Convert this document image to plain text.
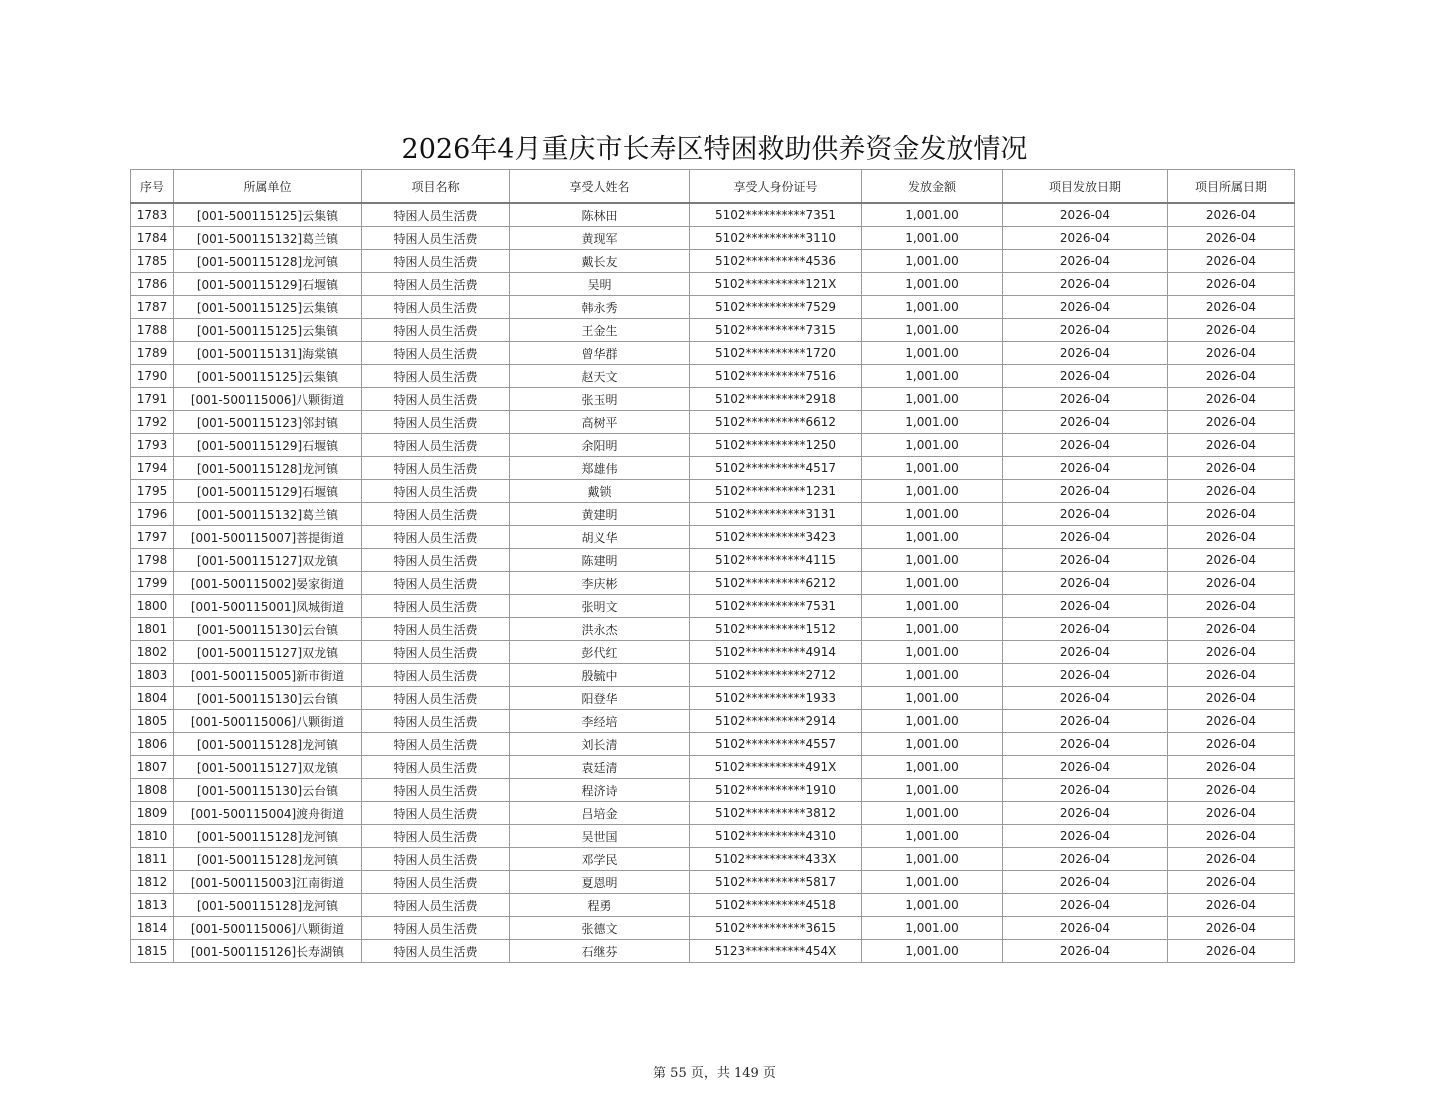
2026年4月重庆市长寿区特困救助供养资金发放情况
序号	所属单位	项目名称	享受人姓名	享受人身份证号	发放金额	项目发放日期	项目所属日期
1783	[001-500115125]云集镇	特困人员生活费	陈林田	5102**********7351	1,001.00	2026-04	2026-04
1784	[001-500115132]葛兰镇	特困人员生活费	黄现军	5102**********3110	1,001.00	2026-04	2026-04
1785	[001-500115128]龙河镇	特困人员生活费	戴长友	5102**********4536	1,001.00	2026-04	2026-04
1786	[001-500115129]石堰镇	特困人员生活费	吴明	5102**********121X	1,001.00	2026-04	2026-04
1787	[001-500115125]云集镇	特困人员生活费	韩永秀	5102**********7529	1,001.00	2026-04	2026-04
1788	[001-500115125]云集镇	特困人员生活费	王金生	5102**********7315	1,001.00	2026-04	2026-04
1789	[001-500115131]海棠镇	特困人员生活费	曾华群	5102**********1720	1,001.00	2026-04	2026-04
1790	[001-500115125]云集镇	特困人员生活费	赵天文	5102**********7516	1,001.00	2026-04	2026-04
1791	[001-500115006]八颗街道	特困人员生活费	张玉明	5102**********2918	1,001.00	2026-04	2026-04
1792	[001-500115123]邻封镇	特困人员生活费	高树平	5102**********6612	1,001.00	2026-04	2026-04
1793	[001-500115129]石堰镇	特困人员生活费	余阳明	5102**********1250	1,001.00	2026-04	2026-04
1794	[001-500115128]龙河镇	特困人员生活费	郑雄伟	5102**********4517	1,001.00	2026-04	2026-04
1795	[001-500115129]石堰镇	特困人员生活费	戴锁	5102**********1231	1,001.00	2026-04	2026-04
1796	[001-500115132]葛兰镇	特困人员生活费	黄建明	5102**********3131	1,001.00	2026-04	2026-04
1797	[001-500115007]菩提街道	特困人员生活费	胡义华	5102**********3423	1,001.00	2026-04	2026-04
1798	[001-500115127]双龙镇	特困人员生活费	陈建明	5102**********4115	1,001.00	2026-04	2026-04
1799	[001-500115002]晏家街道	特困人员生活费	李庆彬	5102**********6212	1,001.00	2026-04	2026-04
1800	[001-500115001]凤城街道	特困人员生活费	张明文	5102**********7531	1,001.00	2026-04	2026-04
1801	[001-500115130]云台镇	特困人员生活费	洪永杰	5102**********1512	1,001.00	2026-04	2026-04
1802	[001-500115127]双龙镇	特困人员生活费	彭代红	5102**********4914	1,001.00	2026-04	2026-04
1803	[001-500115005]新市街道	特困人员生活费	殷毓中	5102**********2712	1,001.00	2026-04	2026-04
1804	[001-500115130]云台镇	特困人员生活费	阳登华	5102**********1933	1,001.00	2026-04	2026-04
1805	[001-500115006]八颗街道	特困人员生活费	李经培	5102**********2914	1,001.00	2026-04	2026-04
1806	[001-500115128]龙河镇	特困人员生活费	刘长清	5102**********4557	1,001.00	2026-04	2026-04
1807	[001-500115127]双龙镇	特困人员生活费	袁廷清	5102**********491X	1,001.00	2026-04	2026-04
1808	[001-500115130]云台镇	特困人员生活费	程济诗	5102**********1910	1,001.00	2026-04	2026-04
1809	[001-500115004]渡舟街道	特困人员生活费	吕培金	5102**********3812	1,001.00	2026-04	2026-04
1810	[001-500115128]龙河镇	特困人员生活费	吴世国	5102**********4310	1,001.00	2026-04	2026-04
1811	[001-500115128]龙河镇	特困人员生活费	邓学民	5102**********433X	1,001.00	2026-04	2026-04
1812	[001-500115003]江南街道	特困人员生活费	夏恩明	5102**********5817	1,001.00	2026-04	2026-04
1813	[001-500115128]龙河镇	特困人员生活费	程勇	5102**********4518	1,001.00	2026-04	2026-04
1814	[001-500115006]八颗街道	特困人员生活费	张德文	5102**********3615	1,001.00	2026-04	2026-04
1815	[001-500115126]长寿湖镇	特困人员生活费	石继芬	5123**********454X	1,001.00	2026-04	2026-04
第 55 页，共 149 页
